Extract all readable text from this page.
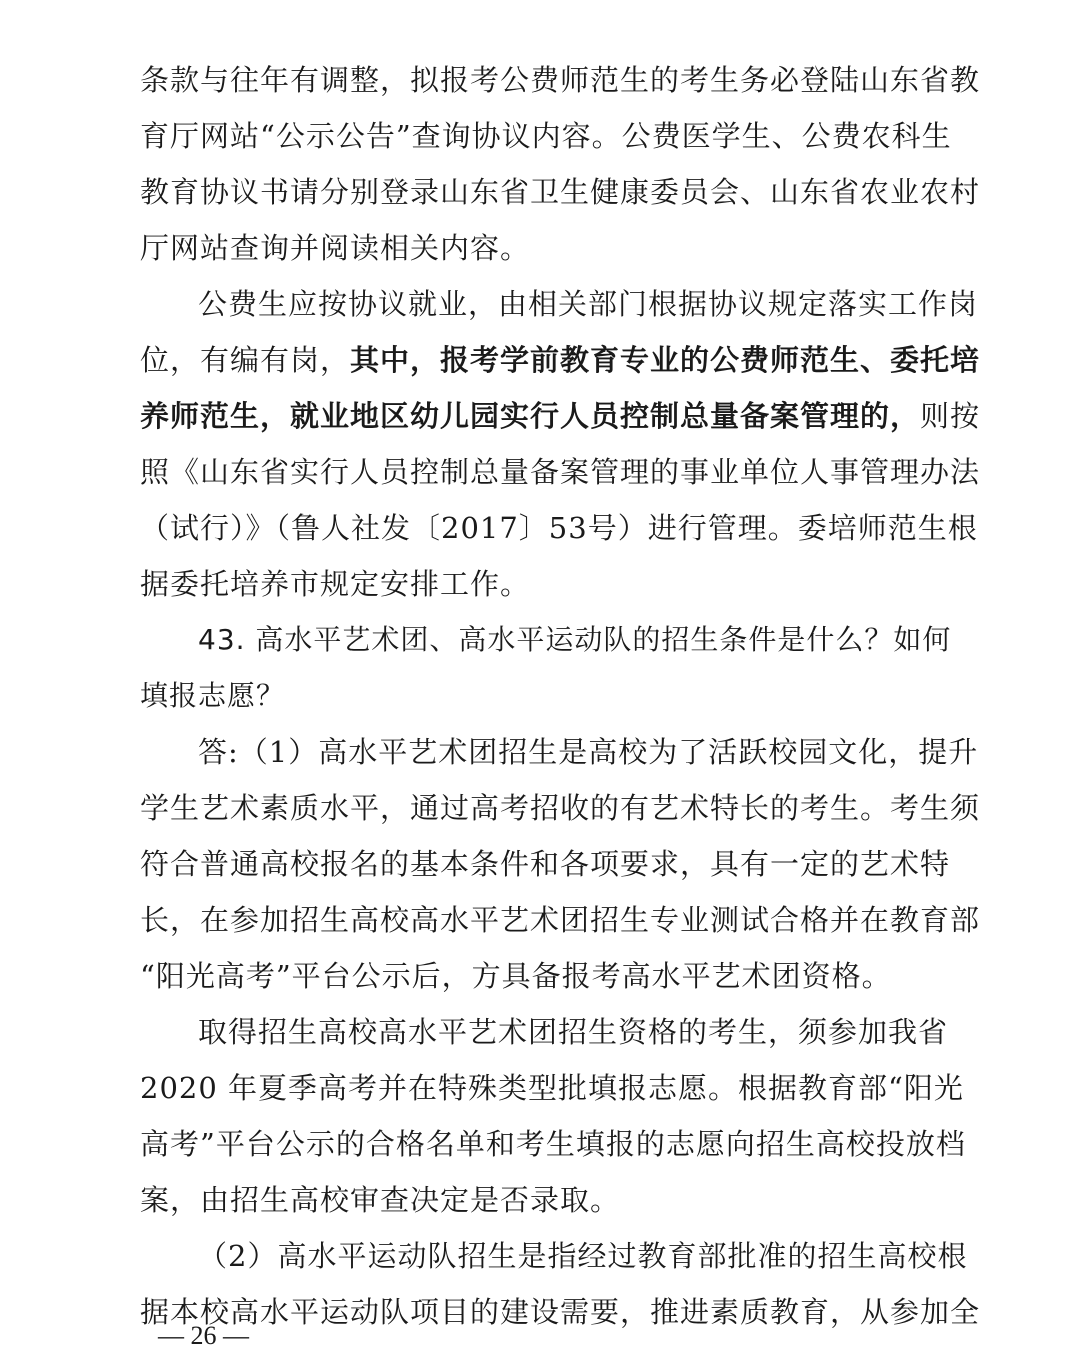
条款与往年有调整，拟报考公费师范生的考生务必登陆山东省教
育厅网站“公示公告”查询协议内容。公费医学生、公费农科生
教育协议书请分别登录山东省卫生健康委员会、山东省农业农村
厅网站查询并阅读相关内容。
公费生应按协议就业，由相关部门根据协议规定落实工作岗
位，有编有岗，其中，报考学前教育专业的公费师范生、委托培
养师范生，就业地区幼儿园实行人员控制总量备案管理的，则按
照《山东省实行人员控制总量备案管理的事业单位人事管理办法
（试行）》（鲁人社发〔2017〕53号）进行管理。委培师范生根
据委托培养市规定安排工作。
43. 高水平艺术团、高水平运动队的招生条件是什么？如何
填报志愿？
答:（1）高水平艺术团招生是高校为了活跃校园文化，提升
学生艺术素质水平，通过高考招收的有艺术特长的考生。考生须
符合普通高校报名的基本条件和各项要求，具有一定的艺术特
长，在参加招生高校高水平艺术团招生专业测试合格并在教育部
“阳光高考”平台公示后，方具备报考高水平艺术团资格。
取得招生高校高水平艺术团招生资格的考生，须参加我省
2020 年夏季高考并在特殊类型批填报志愿。根据教育部“阳光
高考”平台公示的合格名单和考生填报的志愿向招生高校投放档
案，由招生高校审查决定是否录取。
（2）高水平运动队招生是指经过教育部批准的招生高校根
据本校高水平运动队项目的建设需要，推进素质教育，从参加全
— 26 —
